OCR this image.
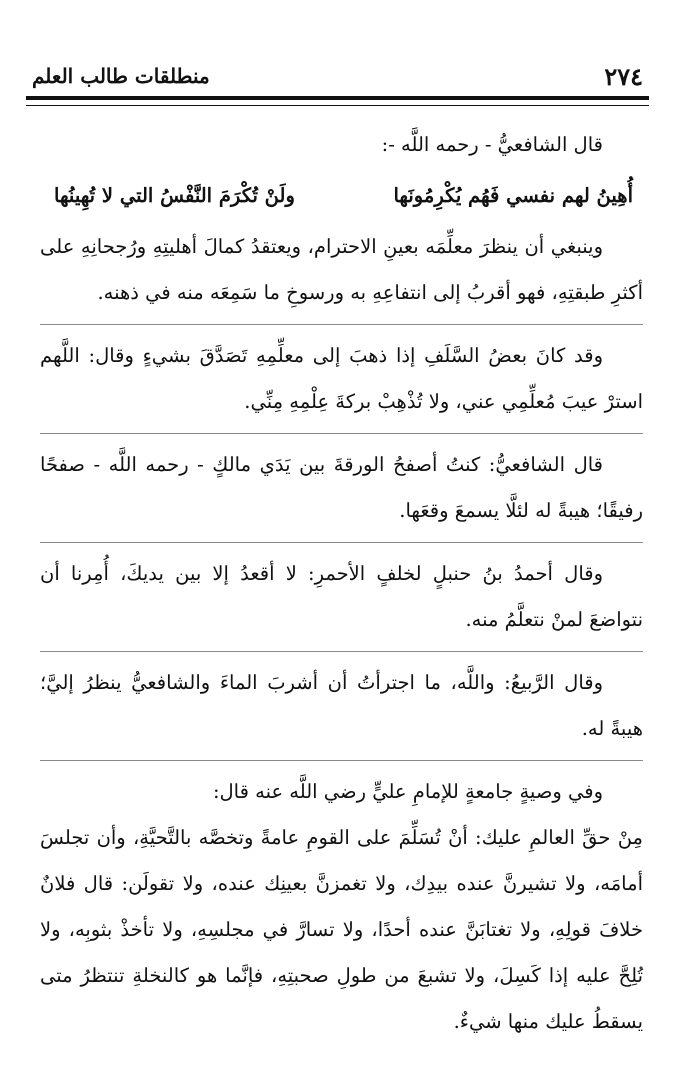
٢٧٤
منطلقات طالب العلم

قال الشافعيُّ - رحمه اللَّه -:

أُهِينُ لهم نفسي فَهُم يُكْرِمُونَها
ولَنْ تُكْرَمَ النَّفْسُ التي لا تُهِينُها

وينبغي أن ينظرَ معلِّمَه بعينِ الاحترام، ويعتقدُ كمالَ أهليتِهِ ورُجحانِهِ على أكثرِ طبقتِهِ، فهو أقربُ إلى انتفاعِهِ به ورسوخِ ما سَمِعَه منه في ذهنه.

وقد كانَ بعضُ السَّلَفِ إذا ذهبَ إلى معلِّمِهِ تَصَدَّقَ بشيءٍ وقال: اللَّهم استرْ عيبَ مُعلِّمِي عني، ولا تُذْهِبْ بركةَ عِلْمِهِ مِنِّي.

قال الشافعيُّ: كنتُ أصفحُ الورقةَ بين يَدَي مالكٍ - رحمه اللَّه - صفحًا رفيقًا؛ هيبةً له لئلَّا يسمعَ وقعَها.

وقال أحمدُ بنُ حنبلٍ لخلفٍ الأحمرِ: لا أقعدُ إلا بين يديكَ، أُمِرنا أن نتواضعَ لمنْ نتعلَّمُ منه.

وقال الرَّبيعُ: واللَّه، ما اجترأتُ أن أشربَ الماءَ والشافعيُّ ينظرُ إليَّ؛ هيبةً له.

وفي وصيةٍ جامعةٍ للإمامِ عليٍّ رضي اللَّه عنه قال:

مِنْ حقِّ العالمِ عليك: أنْ تُسَلِّمَ على القومِ عامةً وتخصَّه بالتَّحيَّةِ، وأن تجلسَ أمامَه، ولا تشيرنَّ عنده بيدِك، ولا تغمزنَّ بعينِك عنده، ولا تقولَن: قال فلانٌ خلافَ قولِهِ، ولا تغتابَنَّ عنده أحدًا، ولا تسارَّ في مجلسِهِ، ولا تأخذْ بثوبِه، ولا تُلِحَّ عليه إذا كَسِلَ، ولا تشبعَ من طولِ صحبتِهِ، فإنَّما هو كالنخلةِ تنتظرُ متى يسقطُ عليك منها شيءٌ.
